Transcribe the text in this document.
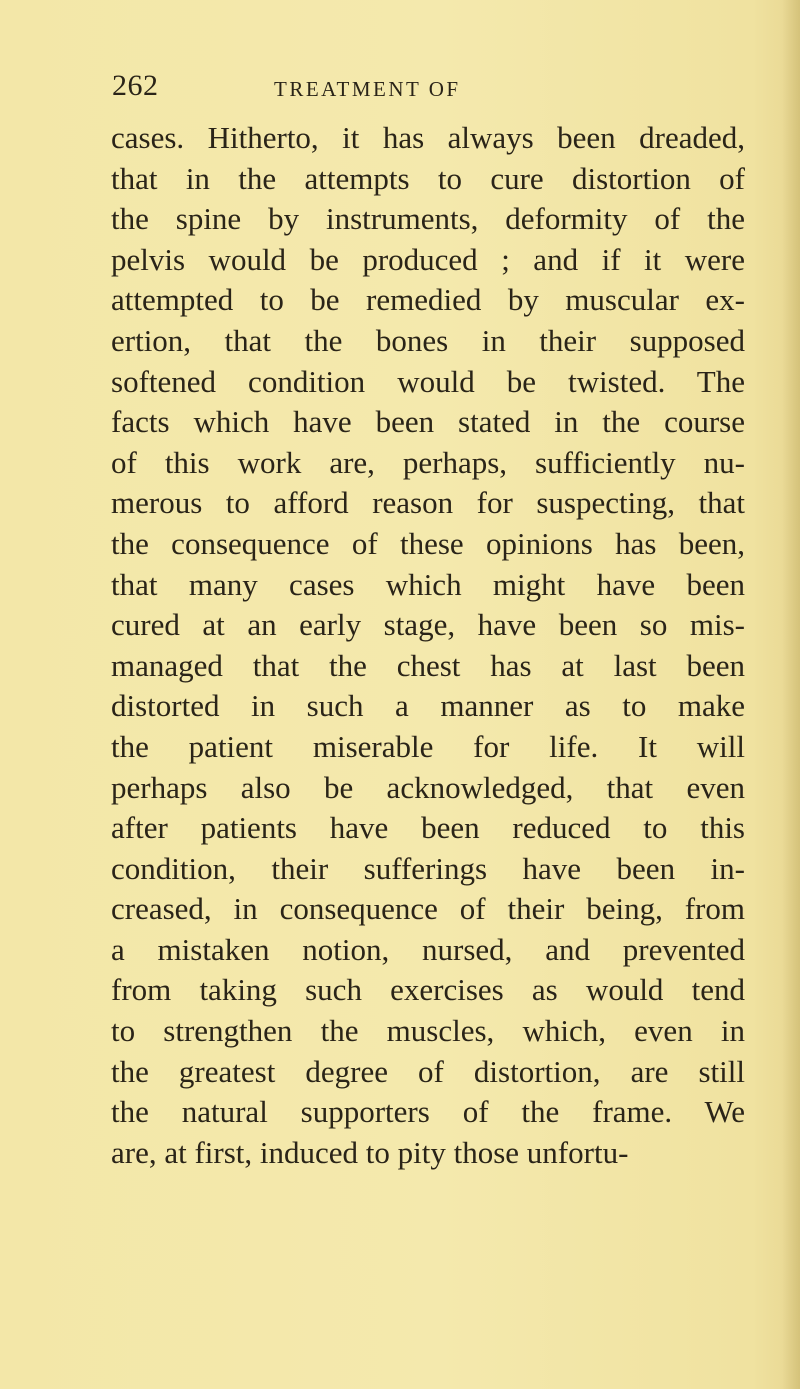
262	TREATMENT OF
cases. Hitherto, it has always been dreaded,
that in the attempts to cure distortion of
the spine by instruments, deformity of the
pelvis would be produced ; and if it were
attempted to be remedied by muscular ex-
ertion, that the bones in their supposed
softened condition would be twisted. The
facts which have been stated in the course
of this work are, perhaps, sufficiently nu-
merous to afford reason for suspecting, that
the consequence of these opinions has been,
that many cases which might have been
cured at an early stage, have been so mis-
managed that the chest has at last been
distorted in such a manner as to make
the patient miserable for life. It will
perhaps also be acknowledged, that even
after patients have been reduced to this
condition, their sufferings have been in-
creased, in consequence of their being, from
a mistaken notion, nursed, and prevented
from taking such exercises as would tend
to strengthen the muscles, which, even in
the greatest degree of distortion, are still
the natural supporters of the frame. We
are, at first, induced to pity those unfortu-
